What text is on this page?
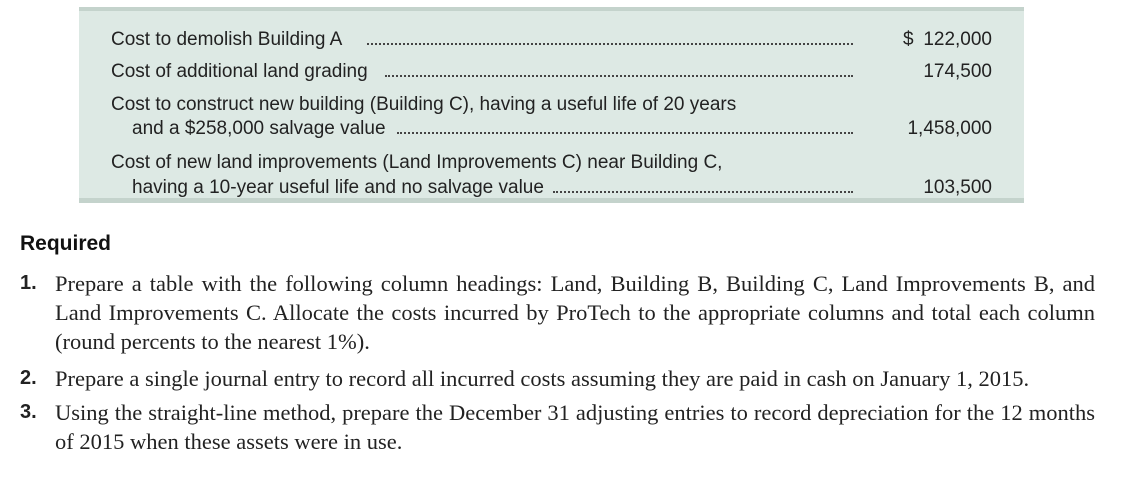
Cost to demolish Building A	$ 122,000
Cost of additional land grading	174,500
Cost to construct new building (Building C), having a useful life of 20 years
and a $258,000 salvage value	1,458,000
Cost of new land improvements (Land Improvements C) near Building C,
having a 10-year useful life and no salvage value	103,500
Required
1. Prepare a table with the following column headings: Land, Building B, Building C, Land Improvements B, and Land Improvements C. Allocate the costs incurred by ProTech to the appropriate columns and total each column (round percents to the nearest 1%).
2. Prepare a single journal entry to record all incurred costs assuming they are paid in cash on January 1, 2015.
3. Using the straight-line method, prepare the December 31 adjusting entries to record depreciation for the 12 months of 2015 when these assets were in use.
